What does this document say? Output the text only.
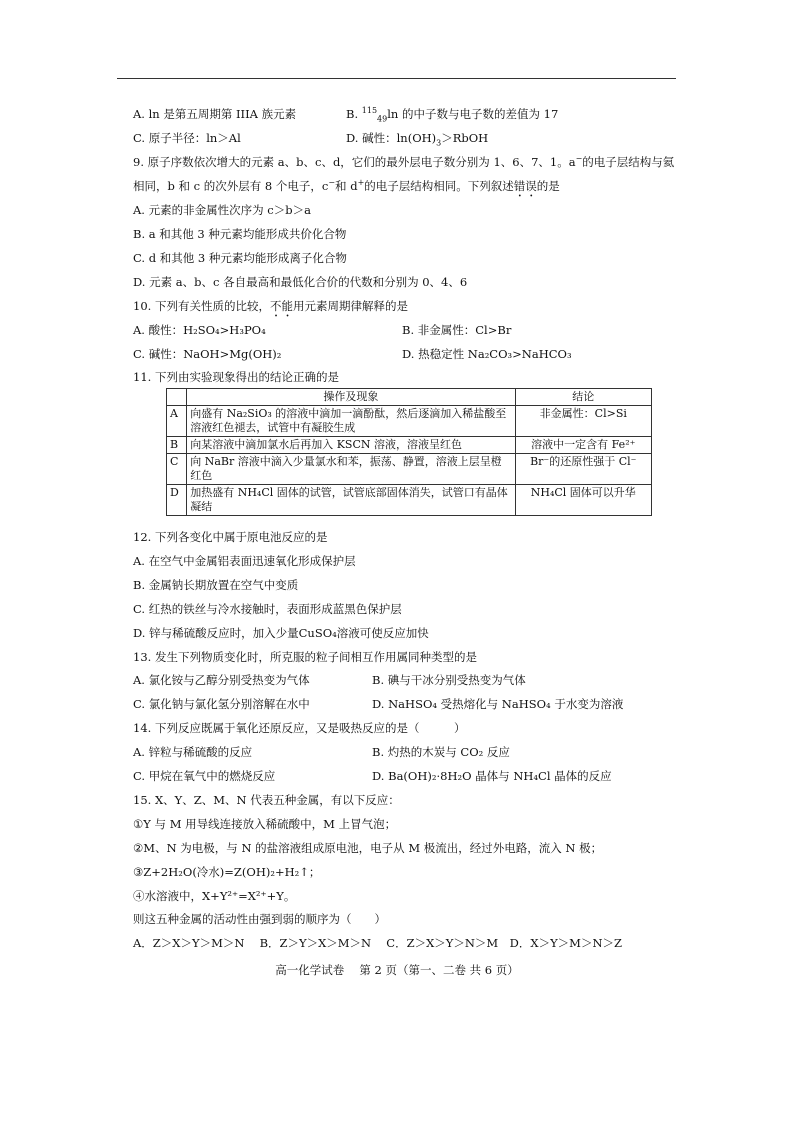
A. ln 是第五周期第 IIIA 族元素	B. $^{115}_{49}$ln 的中子数与电子数的差值为 17
C. 原子半径：ln＞Al	D. 碱性：$\ln(OH)_3>RbOH$
9. 原子序数依次增大的元素 a、b、c、d，它们的最外层电子数分别为 1、6、7、1。a−的电子层结构与氦
相同，b 和 c 的次外层有 8 个电子，c−和 d+的电子层结构相同。下列叙述错误的是
A. 元素的非金属性次序为 c＞b＞a
B. a 和其他 3 种元素均能形成共价化合物
C. d 和其他 3 种元素均能形成离子化合物
D. 元素 a、b、c 各自最高和最低化合价的代数和分别为 0、4、6
10. 下列有关性质的比较，不能用元素周期律解释的是
A. 酸性：H₂SO₄>H₃PO₄	B. 非金属性：Cl>Br
C. 碱性：NaOH>Mg(OH)₂	D. 热稳定性 Na₂CO₃>NaHCO₃
11. 下列由实验现象得出的结论正确的是
	操作及现象	结论
A	向盛有 Na₂SiO₃ 的溶液中滴加一滴酚酞，然后逐滴加入稀盐酸至溶液红色褪去，试管中有凝胶生成	非金属性：Cl>Si
B	向某溶液中滴加氯水后再加入 KSCN 溶液，溶液呈红色	溶液中一定含有 Fe²⁺
C	向 NaBr 溶液中滴入少量氯水和苯，振荡、静置，溶液上层呈橙红色	Br⁻的还原性强于 Cl⁻
D	加热盛有 NH₄Cl 固体的试管，试管底部固体消失，试管口有晶体凝结	NH₄Cl 固体可以升华
12. 下列各变化中属于原电池反应的是
A. 在空气中金属铝表面迅速氧化形成保护层
B. 金属钠长期放置在空气中变质
C. 红热的铁丝与冷水接触时，表面形成蓝黑色保护层
D. 锌与稀硫酸反应时，加入少量CuSO₄溶液可使反应加快
13. 发生下列物质变化时，所克服的粒子间相互作用属同种类型的是
A. 氯化铵与乙醇分别受热变为气体	B. 碘与干冰分别受热变为气体
C. 氯化钠与氯化氢分别溶解在水中	D. NaHSO₄ 受热熔化与 NaHSO₄ 于水变为溶液
14. 下列反应既属于氧化还原反应，又是吸热反应的是（　　　）
A. 锌粒与稀硫酸的反应	B. 灼热的木炭与 CO₂ 反应
C. 甲烷在氧气中的燃烧反应	D. Ba(OH)₂·8H₂O 晶体与 NH₄Cl 晶体的反应
15. X、Y、Z、M、N 代表五种金属，有以下反应：
①Y 与 M 用导线连接放入稀硫酸中，M 上冒气泡；
②M、N 为电极，与 N 的盐溶液组成原电池，电子从 M 极流出，经过外电路，流入 N 极；
③Z+2H₂O(冷水)=Z(OH)₂+H₂↑；
④水溶液中，X+Y²⁺=X²⁺+Y。
则这五种金属的活动性由强到弱的顺序为（　　）
A．Z＞X＞Y＞M＞N　 B．Z＞Y＞X＞M＞N　 C．Z＞X＞Y＞N＞M　D．X＞Y＞M＞N＞Z
高一化学试卷　 第 2 页（第一、二卷 共 6 页）
